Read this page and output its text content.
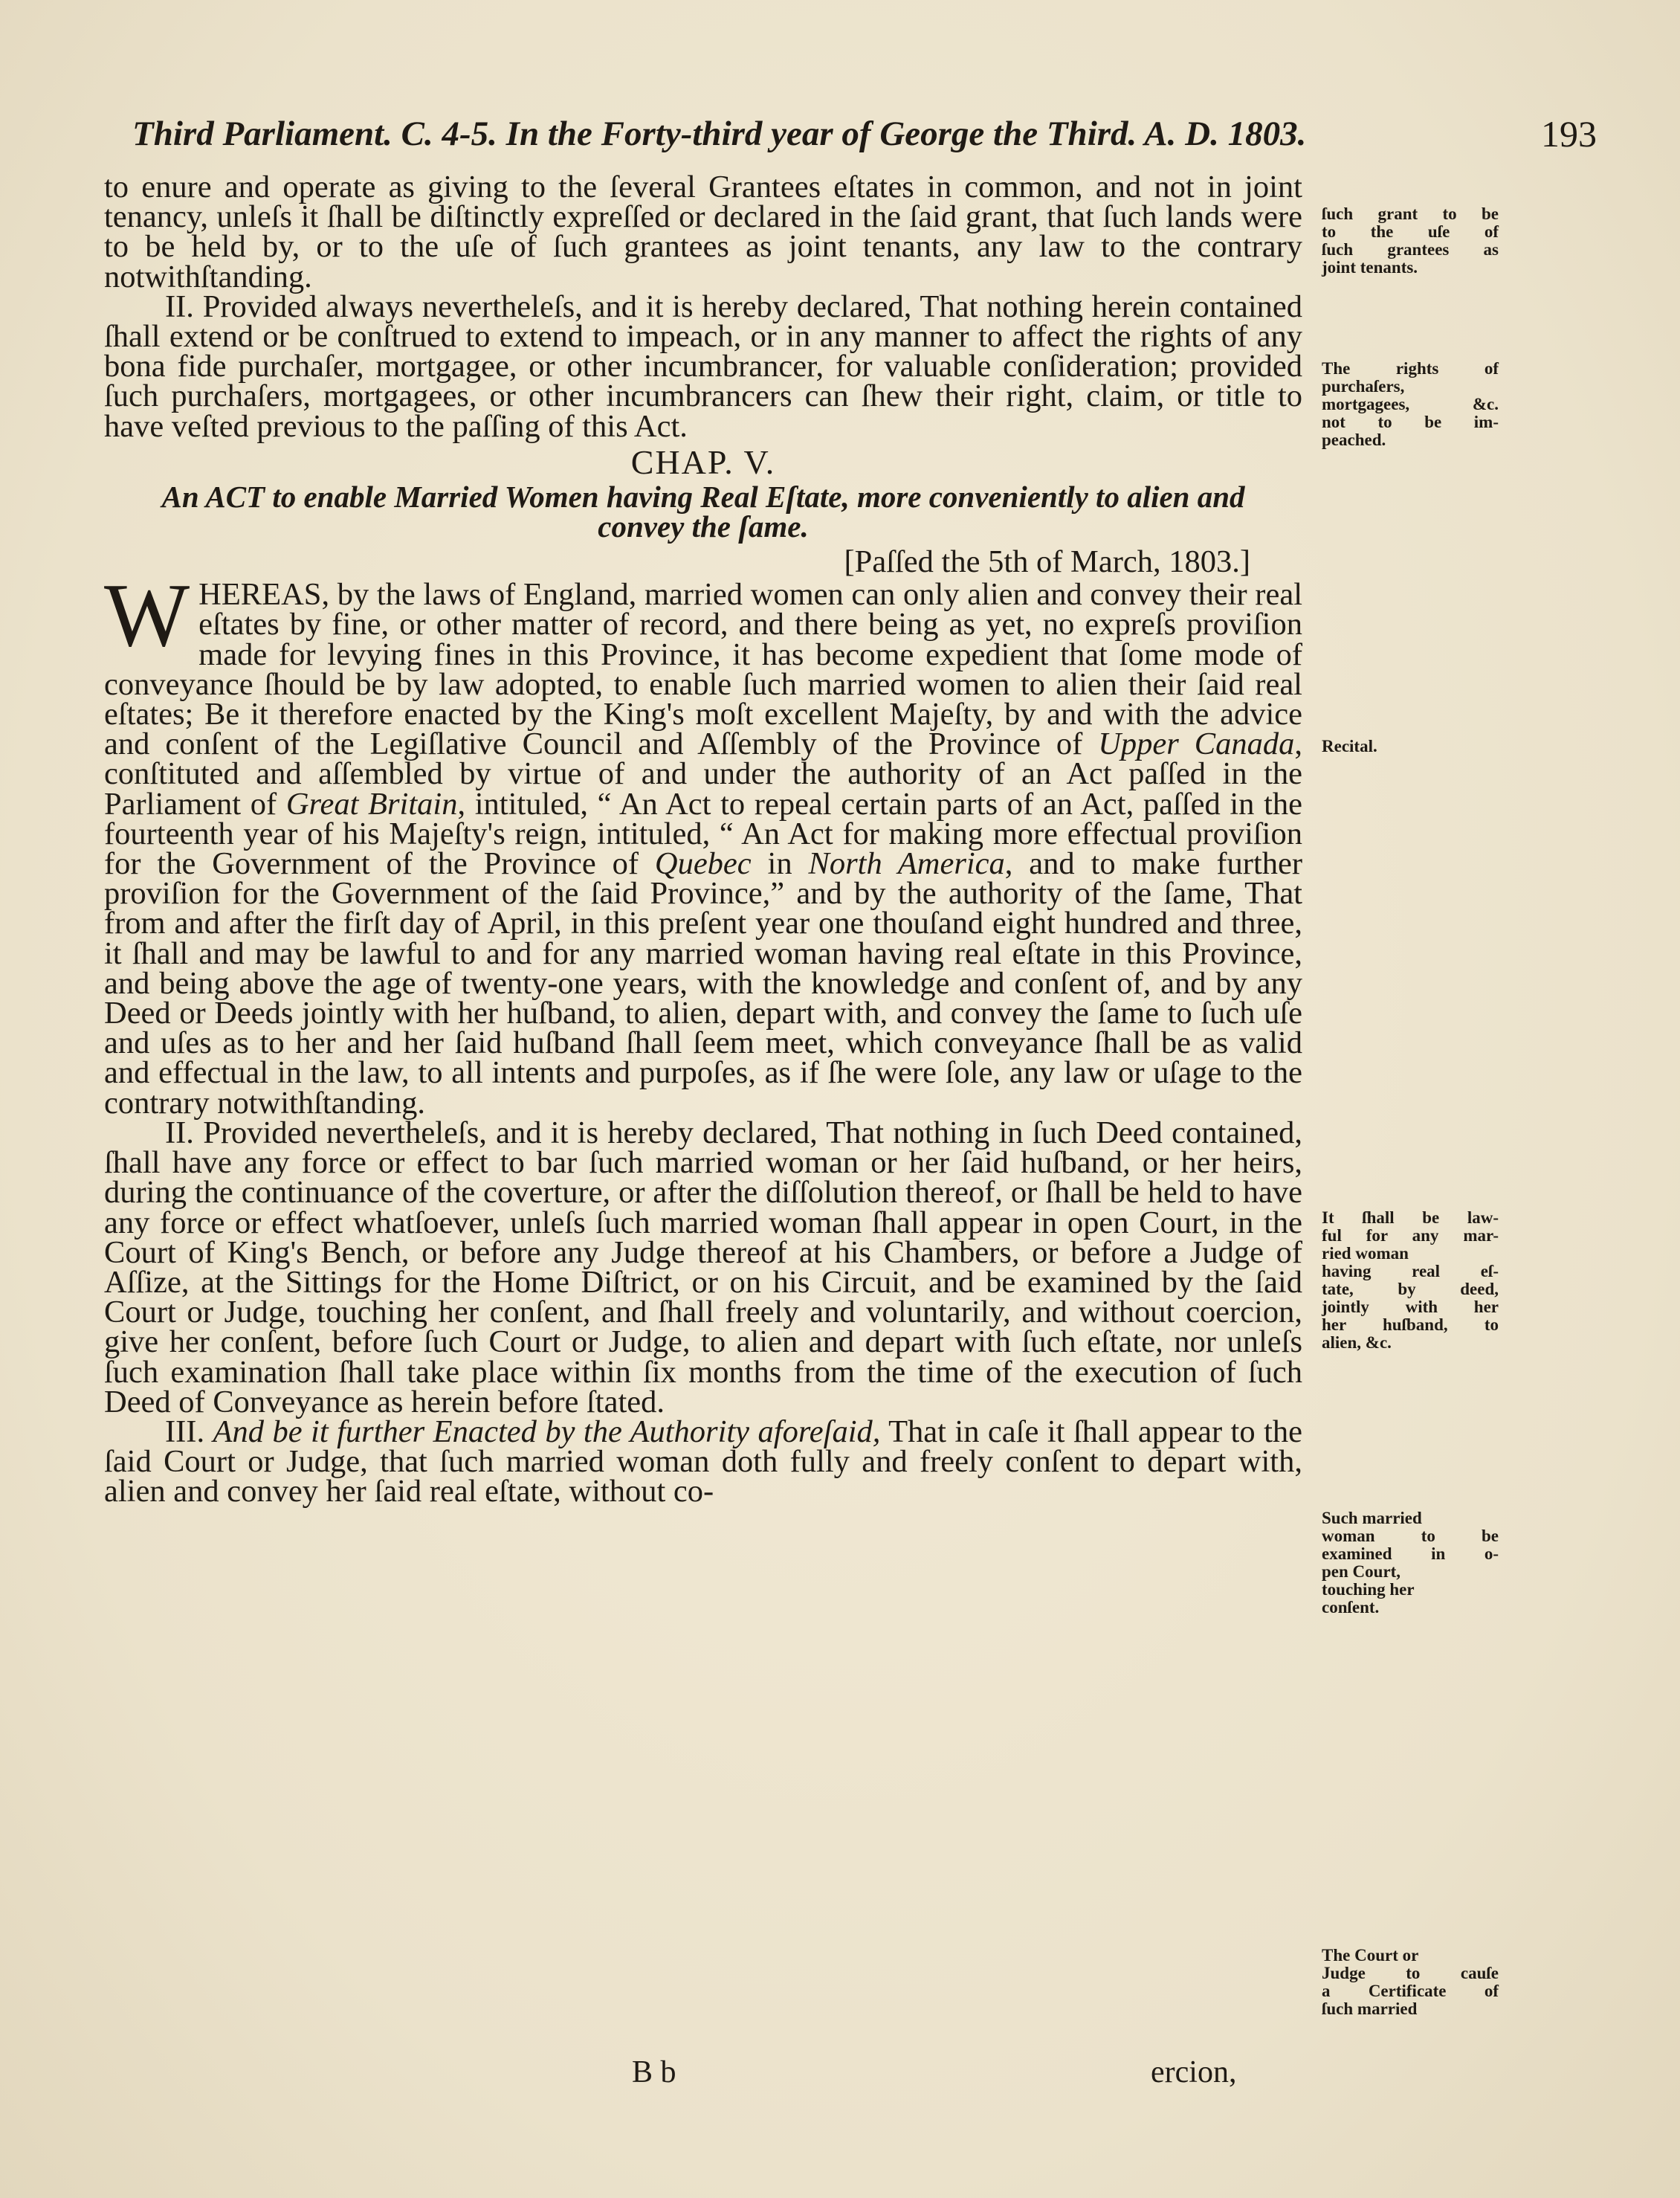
Third Parliament. C. 4-5. In the Forty-third year of George the Third. A. D. 1803.	193

to enure and operate as giving to the ſeveral Grantees eſtates in common, and not in joint tenancy, unleſs it ſhall be diſtinctly expreſſed or declared in the ſaid grant, that ſuch lands were to be held by, or to the uſe of ſuch grantees as joint tenants, any law to the contrary notwithſtanding.

II. Provided always nevertheleſs, and it is hereby declared, That nothing herein contained ſhall extend or be conſtrued to extend to impeach, or in any manner to affect the rights of any bona fide purchaſer, mortgagee, or other incumbrancer, for valuable conſideration; provided ſuch purchaſers, mortgagees, or other incumbrancers can ſhew their right, claim, or title to have veſted previous to the paſſing of this Act.

CHAP. V.

An ACT to enable Married Women having Real Eſtate, more conveniently to alien and convey the ſame.

[Paſſed the 5th of March, 1803.]

WHEREAS, by the laws of England, married women can only alien and convey their real eſtates by fine, or other matter of record, and there being as yet, no expreſs proviſion made for levying fines in this Province, it has become expedient that ſome mode of conveyance ſhould be by law adopted, to enable ſuch married women to alien their ſaid real eſtates; Be it therefore enacted by the King's moſt excellent Majeſty, by and with the advice and conſent of the Legiſlative Council and Aſſembly of the Province of Upper Canada, conſtituted and aſſembled by virtue of and under the authority of an Act paſſed in the Parliament of Great Britain, intituled, “ An Act to repeal certain parts of an Act, paſſed in the fourteenth year of his Majeſty's reign, intituled, “ An Act for making more effectual proviſion for the Government of the Province of Quebec in North America, and to make further proviſion for the Government of the ſaid Province,” and by the authority of the ſame, That from and after the firſt day of April, in this preſent year one thouſand eight hundred and three, it ſhall and may be lawful to and for any married woman having real eſtate in this Province, and being above the age of twenty-one years, with the knowledge and conſent of, and by any Deed or Deeds jointly with her huſband, to alien, depart with, and convey the ſame to ſuch uſe and uſes as to her and her ſaid huſband ſhall ſeem meet, which conveyance ſhall be as valid and effectual in the law, to all intents and purpoſes, as if ſhe were ſole, any law or uſage to the contrary notwithſtanding.

II. Provided nevertheleſs, and it is hereby declared, That nothing in ſuch Deed contained, ſhall have any force or effect to bar ſuch married woman or her ſaid huſband, or her heirs, during the continuance of the coverture, or after the diſſolution thereof, or ſhall be held to have any force or effect whatſoever, unleſs ſuch married woman ſhall appear in open Court, in the Court of King's Bench, or before any Judge thereof at his Chambers, or before a Judge of Aſſize, at the Sittings for the Home Diſtrict, or on his Circuit, and be examined by the ſaid Court or Judge, touching her conſent, and ſhall freely and voluntarily, and without coercion, give her conſent, before ſuch Court or Judge, to alien and depart with ſuch eſtate, nor unleſs ſuch examination ſhall take place within ſix months from the time of the execution of ſuch Deed of Conveyance as herein before ſtated.

III. And be it further Enacted by the Authority aforeſaid, That in caſe it ſhall appear to the ſaid Court or Judge, that ſuch married woman doth fully and freely conſent to depart with, alien and convey her ſaid real eſtate, without co-

B b	ercion,
ſuch grant to be
to the uſe of
ſuch grantees as
joint tenants.
The rights of
purchaſers,
mortgagees, &c.
not to be im-
peached.
Recital.
It ſhall be law-
ful for any mar-
ried woman
having real eſ-
tate, by deed,
jointly with her
her huſband, to
alien, &c.
Such married
woman to be
examined in o-
pen Court,
touching her
conſent.
The Court or
Judge to cauſe
a Certificate of
ſuch married
